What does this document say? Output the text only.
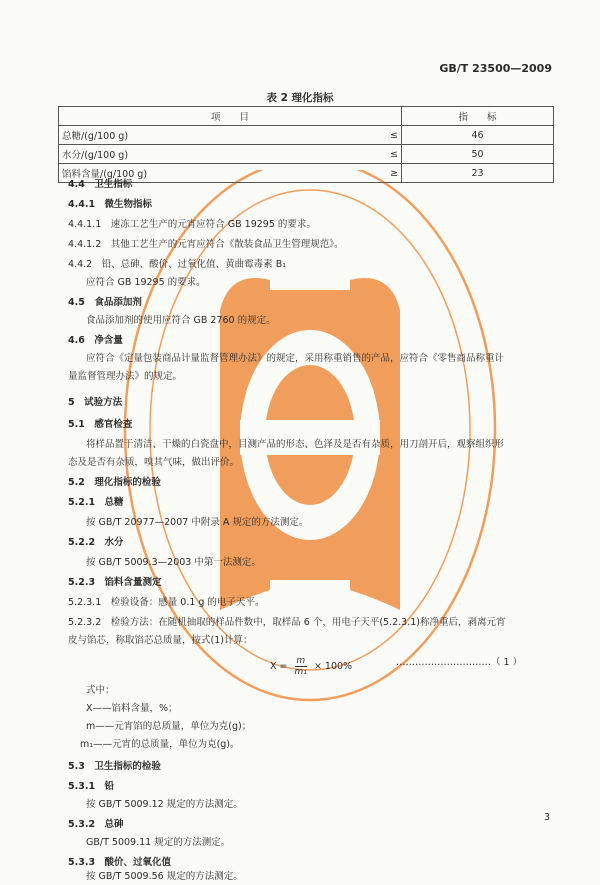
GB/T 23500—2009
表 2 理化指标
项　　目		指　　标
总糖/(g/100 g)	≤	46
水分/(g/100 g)	≤	50
馅料含量/(g/100 g)	≥	23
4.4　卫生指标
4.4.1　微生物指标
4.4.1.1　速冻工艺生产的元宵应符合 GB 19295 的要求。
4.4.1.2　其他工艺生产的元宵应符合《散装食品卫生管理规范》。
4.4.2　铅、总砷、酸价、过氧化值、黄曲霉毒素 B₁
应符合 GB 19295 的要求。
4.5　食品添加剂
食品添加剂的使用应符合 GB 2760 的规定。
4.6　净含量
应符合《定量包装商品计量监督管理办法》的规定，采用称重销售的产品，应符合《零售商品称重计
量监督管理办法》的规定。
5　试验方法
5.1　感官检查
将样品置于清洁、干燥的白瓷盘中，目测产品的形态、色泽及是否有杂质，用刀剖开后，观察组织形
态及是否有杂质，嗅其气味，做出评价。
5.2　理化指标的检验
5.2.1　总糖
按 GB/T 20977—2007 中附录 A 规定的方法测定。
5.2.2　水分
按 GB/T 5009.3—2003 中第一法测定。
5.2.3　馅料含量测定
5.2.3.1　检验设备：感量 0.1 g 的电子天平。
5.2.3.2　检验方法：在随机抽取的样品件数中，取样品 6 个，用电子天平(5.2.3.1)称净重后，剥离元宵
皮与馅芯，称取馅芯总质量，按式(1)计算：
$X = \frac{m}{\text{m₁}} \times 100\%$	…………………………（ 1 ）
式中：
X——馅料含量，%；
m——元宵馅的总质量，单位为克(g)；
m₁——元宵的总质量，单位为克(g)。
5.3　卫生指标的检验
5.3.1　铅
按 GB/T 5009.12 规定的方法测定。
5.3.2　总砷
GB/T 5009.11 规定的方法测定。
5.3.3　酸价、过氧化值
按 GB/T 5009.56 规定的方法测定。
3
